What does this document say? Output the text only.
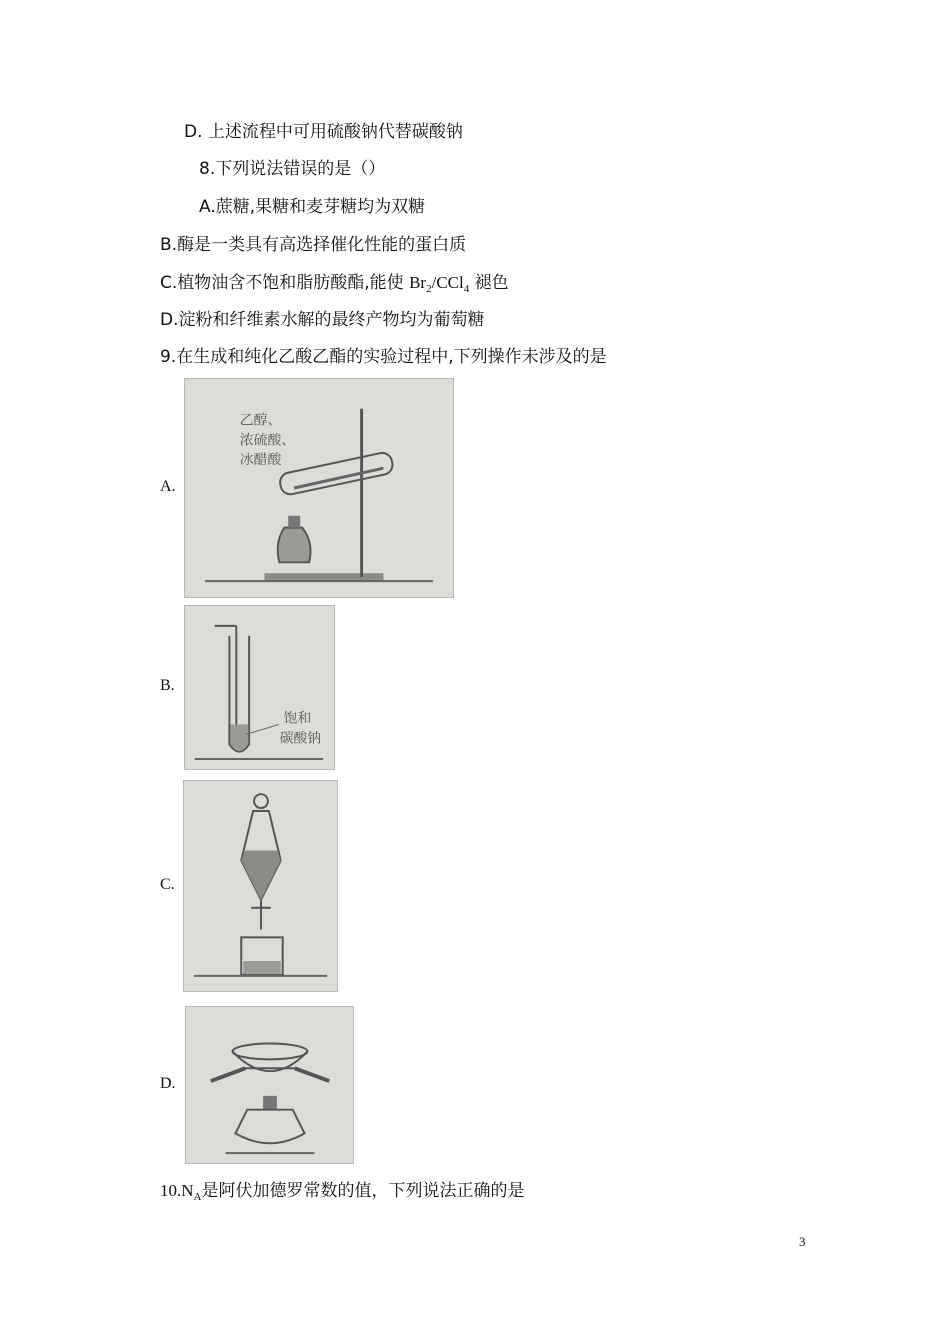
D. 上述流程中可用硫酸钠代替碳酸钠
8.下列说法错误的是（）
A.蔗糖,果糖和麦芽糖均为双糖
B.酶是一类具有高选择催化性能的蛋白质
C.植物油含不饱和脂肪酸酯,能使 $Br_2/CCl_4$ 褪色
D.淀粉和纤维素水解的最终产物均为葡萄糖
9.在生成和纯化乙酸乙酯的实验过程中,下列操作未涉及的是
A.
乙醇、
浓硫酸、
冰醋酸
B.
饱和
碳酸钠
C.
D.
$10.N_A$是阿伏加德罗常数的值，下列说法正确的是
3
